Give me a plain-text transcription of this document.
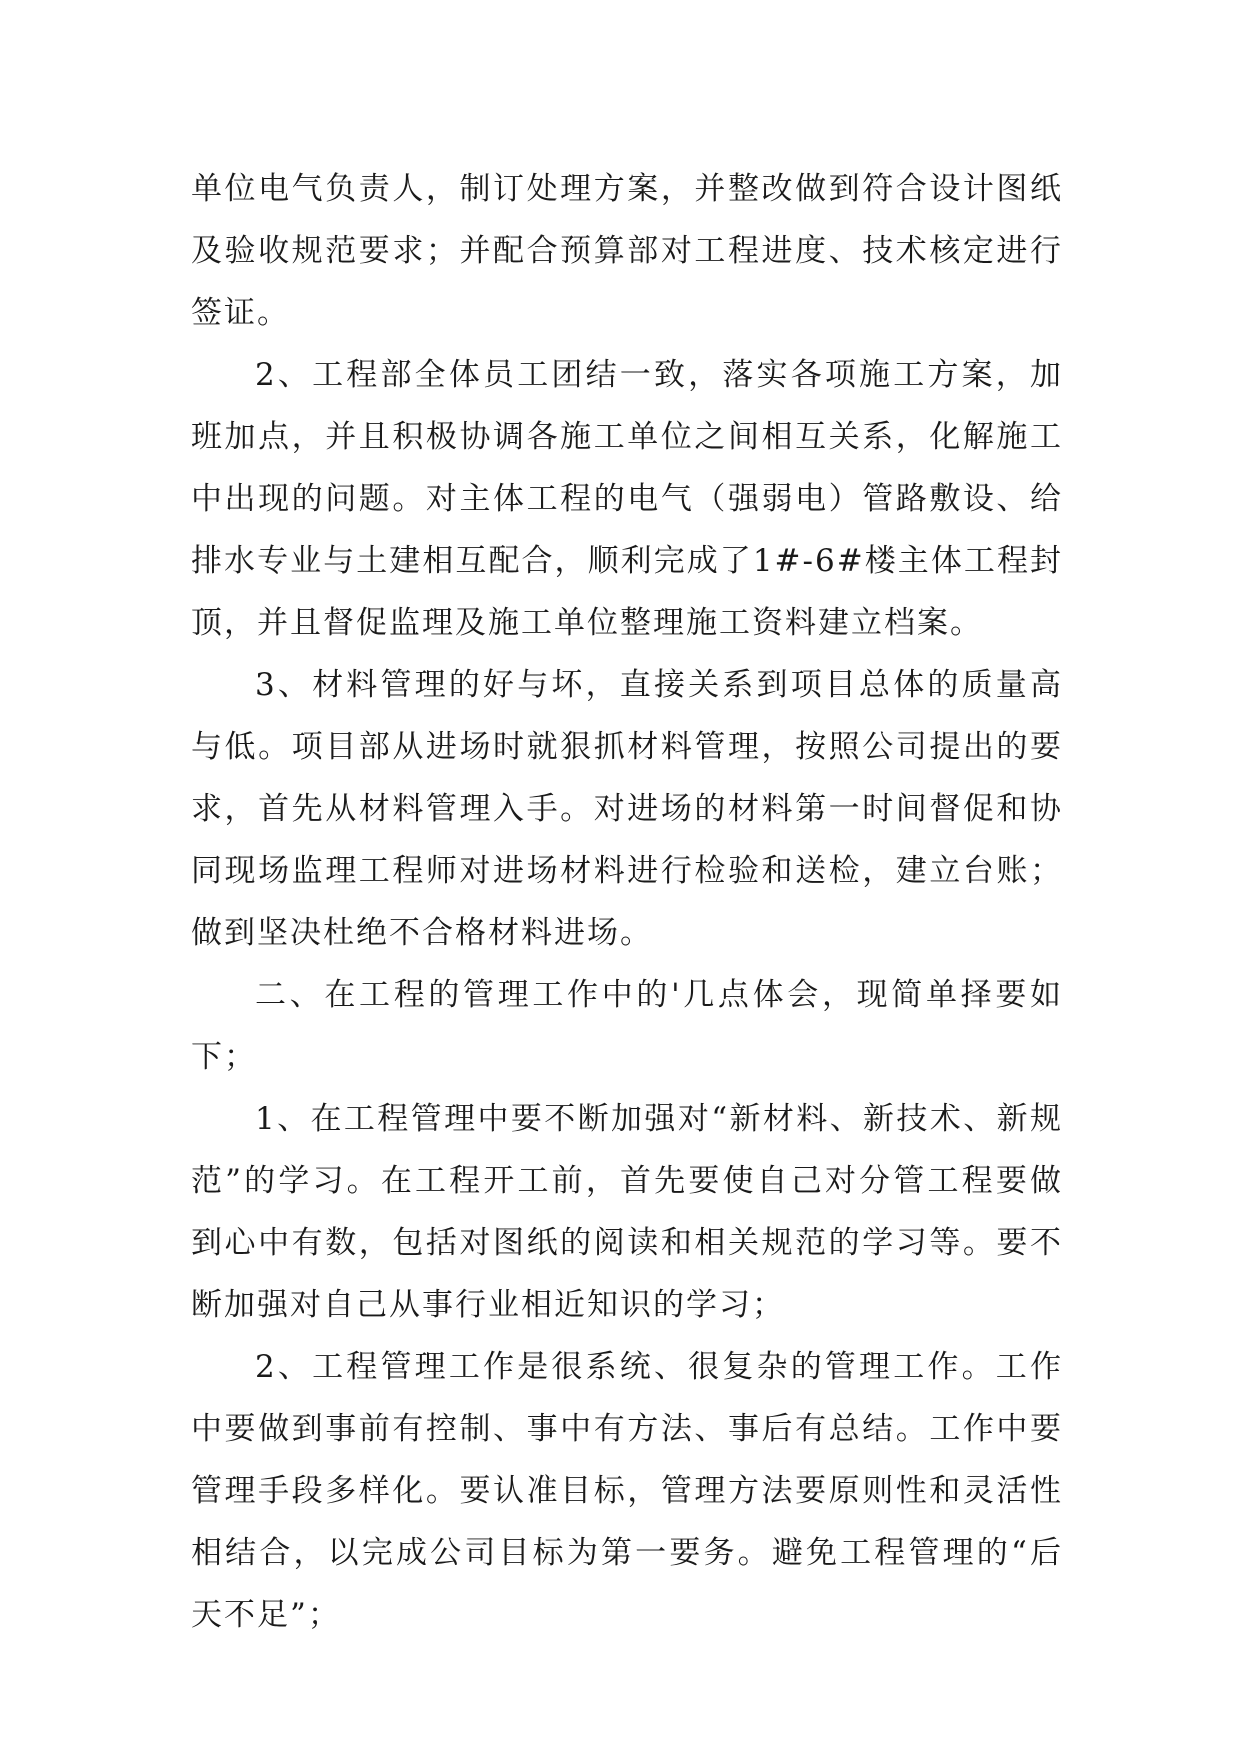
单位电气负责人，制订处理方案，并整改做到符合设计图纸及验收规范要求；并配合预算部对工程进度、技术核定进行签证。

2、工程部全体员工团结一致，落实各项施工方案，加班加点，并且积极协调各施工单位之间相互关系，化解施工中出现的问题。对主体工程的电气（强弱电）管路敷设、给排水专业与土建相互配合，顺利完成了1#-6#楼主体工程封顶，并且督促监理及施工单位整理施工资料建立档案。

3、材料管理的好与坏，直接关系到项目总体的质量高与低。项目部从进场时就狠抓材料管理，按照公司提出的要求，首先从材料管理入手。对进场的材料第一时间督促和协同现场监理工程师对进场材料进行检验和送检，建立台账；做到坚决杜绝不合格材料进场。

二、在工程的管理工作中的'几点体会，现简单择要如下；

1、在工程管理中要不断加强对“新材料、新技术、新规范”的学习。在工程开工前，首先要使自己对分管工程要做到心中有数，包括对图纸的阅读和相关规范的学习等。要不断加强对自己从事行业相近知识的学习；

2、工程管理工作是很系统、很复杂的管理工作。工作中要做到事前有控制、事中有方法、事后有总结。工作中要管理手段多样化。要认准目标，管理方法要原则性和灵活性相结合，以完成公司目标为第一要务。避免工程管理的“后天不足”；
